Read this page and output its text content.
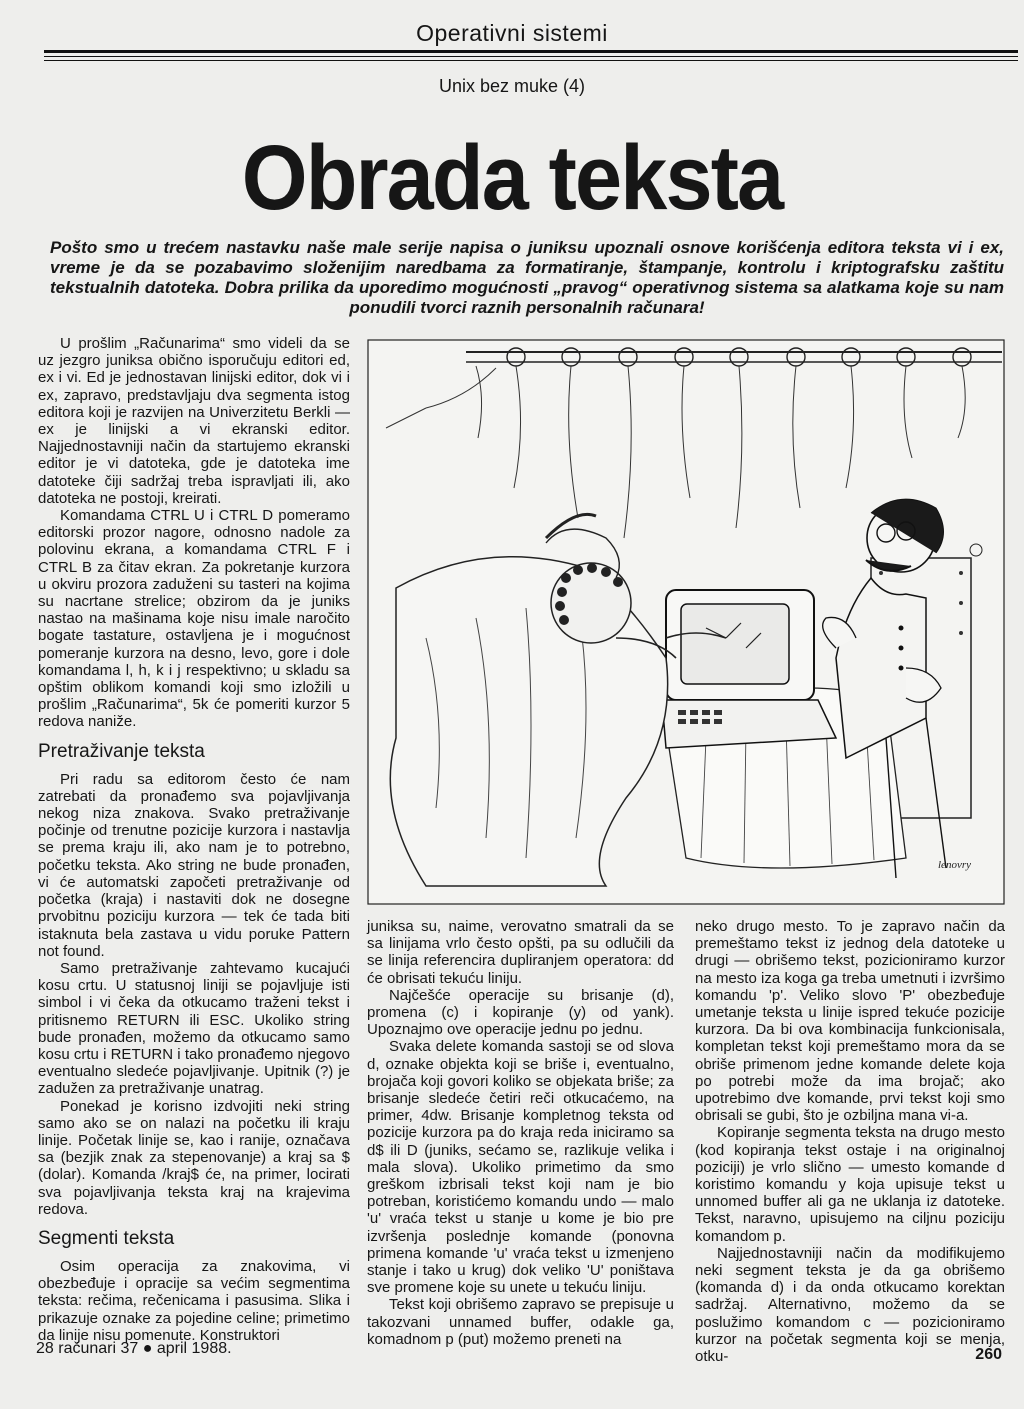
Operativni sistemi
Unix bez muke (4)
Obrada teksta
Pošto smo u trećem nastavku naše male serije napisa o juniksu upoznali osnove korišćenja editora teksta vi i ex, vreme je da se pozabavimo složenijim naredbama za formatiranje, štampanje, kontrolu i kriptografsku zaštitu tekstualnih datoteka. Dobra prilika da uporedimo mogućnosti „pravog“ operativnog sistema sa alatkama koje su nam ponudili tvorci raznih personalnih računara!

U prošlim „Računarima“ smo videli da se uz jezgro juniksa obično isporučuju editori ed, ex i vi. Ed je jednostavan linijski editor, dok vi i ex, zapravo, predstavljaju dva segmenta istog editora koji je razvijen na Univerzitetu Berkli — ex je linijski a vi ekranski editor. Najjednostavniji način da startujemo ekranski editor je vi datoteka, gde je datoteka ime datoteke čiji sadržaj treba ispravljati ili, ako datoteka ne postoji, kreirati.

Komandama CTRL U i CTRL D pomeramo editorski prozor nagore, odnosno nadole za polovinu ekrana, a komandama CTRL F i CTRL B za čitav ekran. Za pokretanje kurzora u okviru prozora zaduženi su tasteri na kojima su nacrtane strelice; obzirom da je juniks nastao na mašinama koje nisu imale naročito bogate tastature, ostavljena je i mogućnost pomeranje kurzora na desno, levo, gore i dole komandama l, h, k i j respektivno; u skladu sa opštim oblikom komandi koji smo izložili u prošlim „Računarima“, 5k će pomeriti kurzor 5 redova naniže.

Pretraživanje teksta

Pri radu sa editorom često će nam zatrebati da pronađemo sva pojavljivanja nekog niza znakova. Svako pretraživanje počinje od trenutne pozicije kurzora i nastavlja se prema kraju ili, ako nam je to potrebno, početku teksta. Ako string ne bude pronađen, vi će automatski započeti pretraživanje od početka (kraja) i nastaviti dok ne dosegne prvobitnu poziciju kurzora — tek će tada biti istaknuta bela zastava u vidu poruke Pattern not found.

Samo pretraživanje zahtevamo kucajući kosu crtu. U statusnoj liniji se pojavljuje isti simbol i vi čeka da otkucamo traženi tekst i pritisnemo RETURN ili ESC. Ukoliko string bude pronađen, možemo da otkucamo samo kosu crtu i RETURN i tako pronađemo njegovo eventualno sledeće pojavljivanje. Upitnik (?) je zadužen za pretraživanje unatrag.

Ponekad je korisno izdvojiti neki string samo ako se on nalazi na početku ili kraju linije. Početak linije se, kao i ranije, označava sa (bezjik znak za stepenovanje) a kraj sa $ (dolar). Komanda /kraj$ će, na primer, locirati sva pojavljivanja teksta kraj na krajevima redova.

Segmenti teksta

Osim operacija za znakovima, vi obezbeđuje i opracije sa većim segmentima teksta: rečima, rečenicama i pasusima. Slika i prikazuje oznake za pojedine celine; primetimo da linije nisu pomenute. Konstruktori

lenovry

juniksa su, naime, verovatno smatrali da se sa linijama vrlo često opšti, pa su odlučili da se linija referencira dupliranjem operatora: dd će obrisati tekuću liniju.

Najčešće operacije su brisanje (d), promena (c) i kopiranje (y) od yank). Upoznajmo ove operacije jednu po jednu.

Svaka delete komanda sastoji se od slova d, oznake objekta koji se briše i, eventualno, brojača koji govori koliko se objekata briše; za brisanje sledeće četiri reči otkucaćemo, na primer, 4dw. Brisanje kompletnog teksta od pozicije kurzora pa do kraja reda iniciramo sa d$ ili D (juniks, sećamo se, razlikuje velika i mala slova). Ukoliko primetimo da smo greškom izbrisali tekst koji nam je bio potreban, koristićemo komandu undo — malo 'u' vraća tekst u stanje u kome je bio pre izvršenja poslednje komande (ponovna primena komande 'u' vraća tekst u izmenjeno stanje i tako u krug) dok veliko 'U' poništava sve promene koje su unete u tekuću liniju.

Tekst koji obrišemo zapravo se prepisuje u takozvani unnamed buffer, odakle ga, komadnom p (put) možemo preneti na

neko drugo mesto. To je zapravo način da premeštamo tekst iz jednog dela datoteke u drugi — obrišemo tekst, pozicioniramo kurzor na mesto iza koga ga treba umetnuti i izvršimo komandu 'p'. Veliko slovo 'P' obezbeđuje umetanje teksta u linije ispred tekuće pozicije kurzora. Da bi ova kombinacija funkcionisala, kompletan tekst koji premeštamo mora da se obriše primenom jedne komande delete koja po potrebi može da ima brojač; ako upotrebimo dve komande, prvi tekst koji smo obrisali se gubi, što je ozbiljna mana vi-a.

Kopiranje segmenta teksta na drugo mesto (kod kopiranja tekst ostaje i na originalnoj poziciji) je vrlo slično — umesto komande d koristimo komandu y koja upisuje tekst u unnomed buffer ali ga ne uklanja iz datoteke. Tekst, naravno, upisujemo na ciljnu poziciju komandom p.

Najjednostavniji način da modifikujemo neki segment teksta je da ga obrišemo (komanda d) i da onda otkucamo korektan sadržaj. Alternativno, možemo da se poslužimo komandom c — pozicioniramo kurzor na početak segmenta koji se menja, otku-

28 računari 37 ● april 1988.	260
